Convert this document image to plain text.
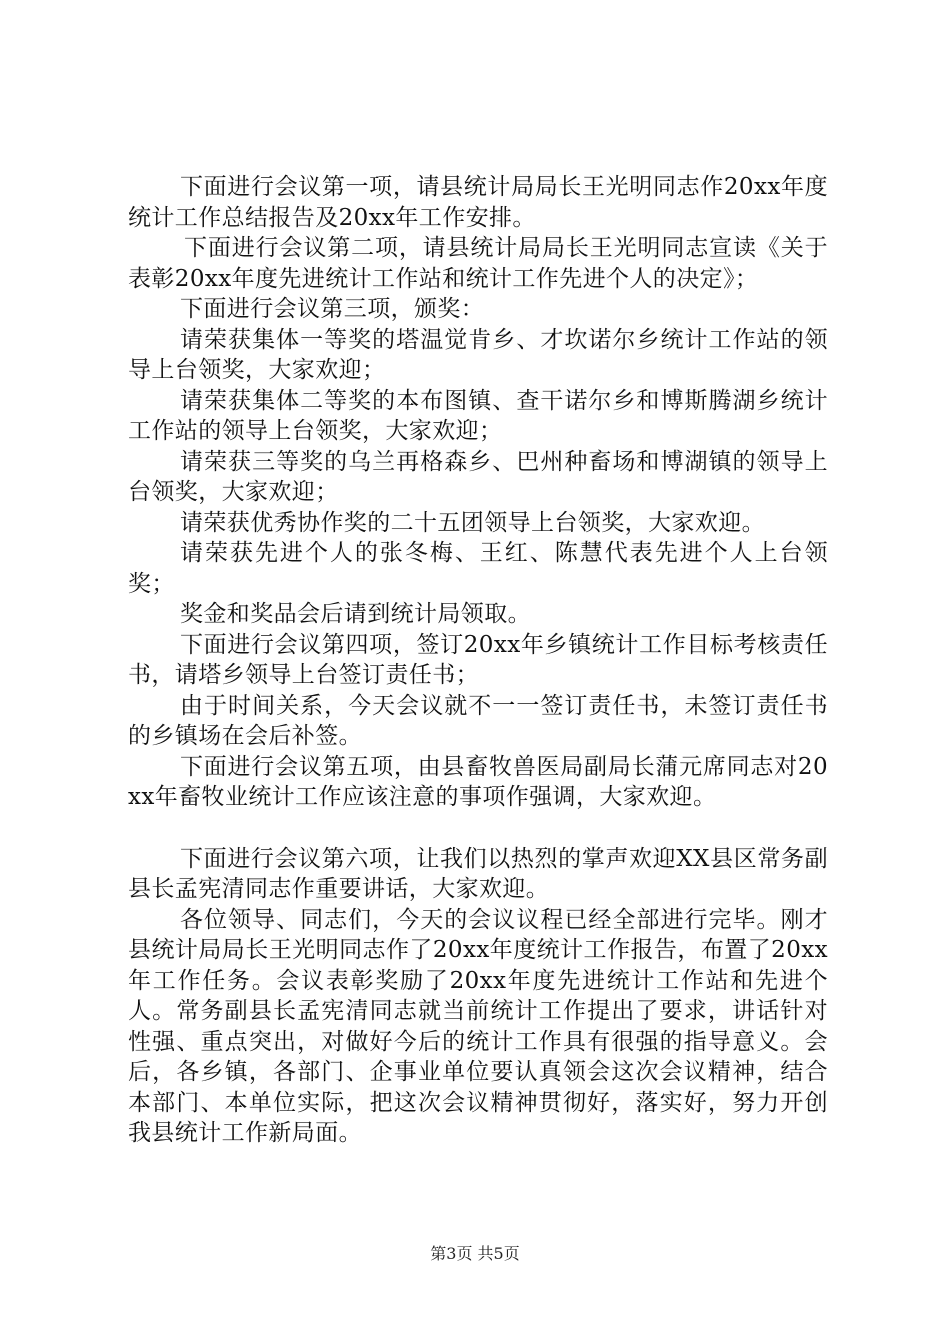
下面进行会议第一项，请县统计局局长王光明同志作20xx年度统计工作总结报告及20xx年工作安排。

下面进行会议第二项，请县统计局局长王光明同志宣读《关于表彰20xx年度先进统计工作站和统计工作先进个人的决定》；

下面进行会议第三项，颁奖：

请荣获集体一等奖的塔温觉肯乡、才坎诺尔乡统计工作站的领导上台领奖，大家欢迎；

请荣获集体二等奖的本布图镇、查干诺尔乡和博斯腾湖乡统计工作站的领导上台领奖，大家欢迎；

请荣获三等奖的乌兰再格森乡、巴州种畜场和博湖镇的领导上台领奖，大家欢迎；

请荣获优秀协作奖的二十五团领导上台领奖，大家欢迎。

请荣获先进个人的张冬梅、王红、陈慧代表先进个人上台领奖；

奖金和奖品会后请到统计局领取。

下面进行会议第四项，签订20xx年乡镇统计工作目标考核责任书，请塔乡领导上台签订责任书；

由于时间关系，今天会议就不一一签订责任书，未签订责任书的乡镇场在会后补签。

下面进行会议第五项，由县畜牧兽医局副局长蒲元席同志对20xx年畜牧业统计工作应该注意的事项作强调，大家欢迎。

下面进行会议第六项，让我们以热烈的掌声欢迎XX县区常务副县长孟宪清同志作重要讲话，大家欢迎。

各位领导、同志们，今天的会议议程已经全部进行完毕。刚才县统计局局长王光明同志作了20xx年度统计工作报告，布置了20xx年工作任务。会议表彰奖励了20xx年度先进统计工作站和先进个人。常务副县长孟宪清同志就当前统计工作提出了要求，讲话针对性强、重点突出，对做好今后的统计工作具有很强的指导意义。会后，各乡镇，各部门、企事业单位要认真领会这次会议精神，结合本部门、本单位实际，把这次会议精神贯彻好，落实好，努力开创我县统计工作新局面。

第3页 共5页
